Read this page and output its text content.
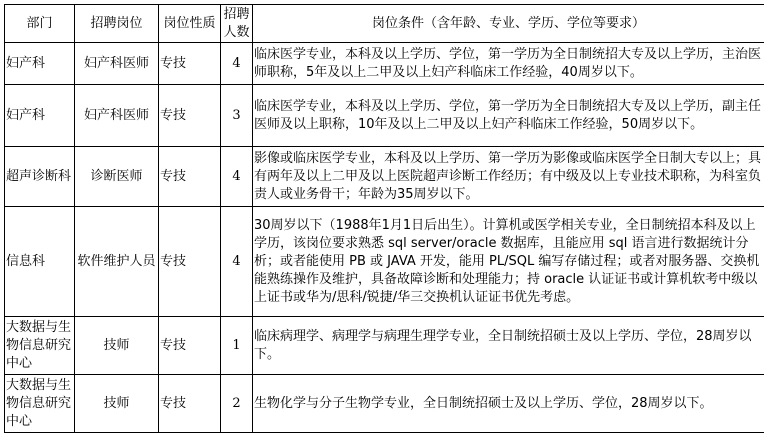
部门	招聘岗位	岗位性质	招聘人数	岗位条件（含年龄、专业、学历、学位等要求）
妇产科	妇产科医师	专技	4	临床医学专业，本科及以上学历、学位，第一学历为全日制统招大专及以上学历，主治医师职称，5年及以上二甲及以上妇产科临床工作经验，40周岁以下。
妇产科	妇产科医师	专技	3	临床医学专业，本科及以上学历、学位，第一学历为全日制统招大专及以上学历，副主任医师及以上职称，10年及以上二甲及以上妇产科临床工作经验，50周岁以下。
超声诊断科	诊断医师	专技	4	影像或临床医学专业，本科及以上学历、第一学历为影像或临床医学全日制大专以上；具有两年及以上二甲及以上医院超声诊断工作经历；有中级及以上专业技术职称，为科室负责人或业务骨干；年龄为35周岁以下。
信息科	软件维护人员	专技	4	30周岁以下（1988年1月1日后出生）。计算机或医学相关专业，全日制统招本科及以上学历，该岗位要求熟悉 sql server/oracle 数据库，且能应用 sql 语言进行数据统计分析；或者能使用 PB 或 JAVA 开发，能用 PL/SQL 编写存储过程；或者对服务器、交换机能熟练操作及维护，具备故障诊断和处理能力；持 oracle 认证证书或计算机软考中级以上证书或华为/思科/锐捷/华三交换机认证证书优先考虑。
大数据与生物信息研究中心	技师	专技	1	临床病理学、病理学与病理生理学专业，全日制统招硕士及以上学历、学位，28周岁以下。
大数据与生物信息研究中心	技师	专技	2	生物化学与分子生物学专业，全日制统招硕士及以上学历、学位，28周岁以下。
